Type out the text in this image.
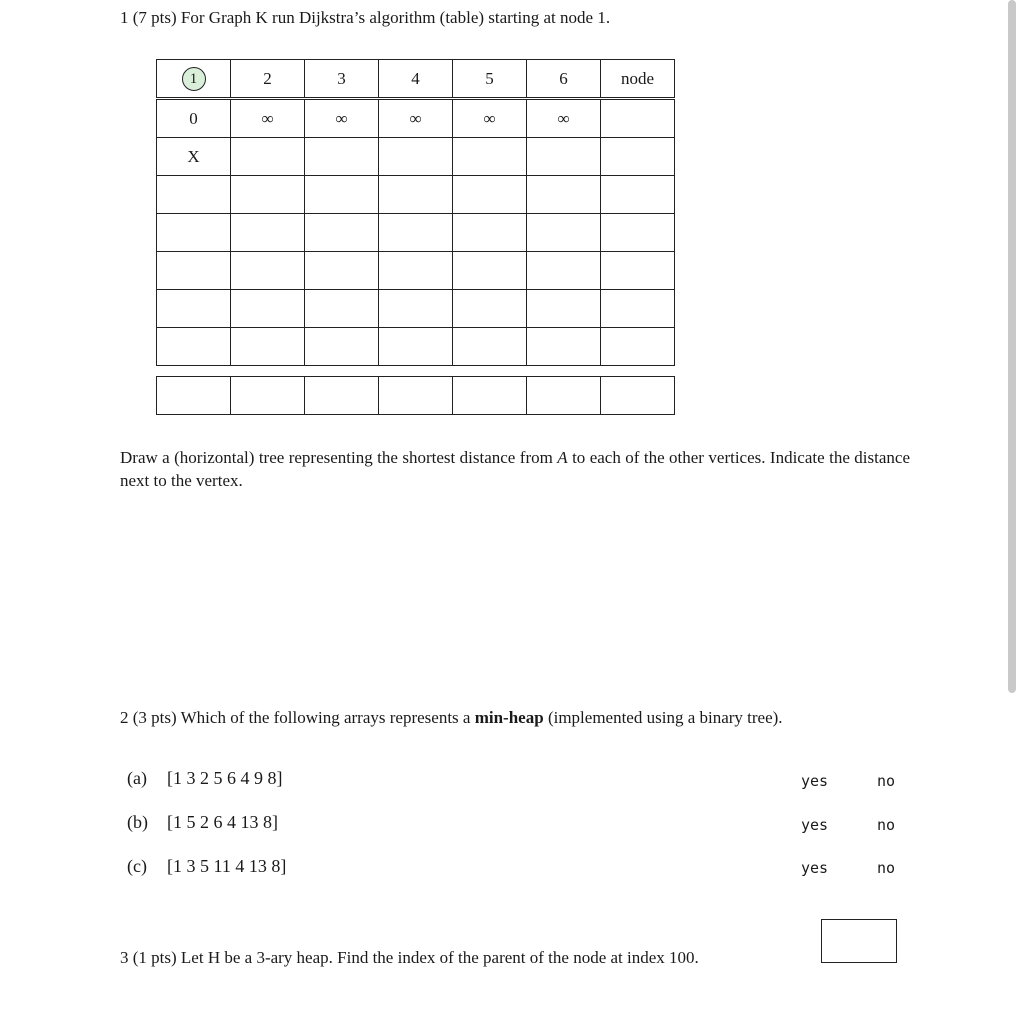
1 (7 pts) For Graph K run Dijkstra’s algorithm (table) starting at node 1.
1	2	3	4	5	6	node
0	∞	∞	∞	∞	∞	
X						

Draw a (horizontal) tree representing the shortest distance from A to each of the other vertices. Indicate the distance next to the vertex.
2 (3 pts) Which of the following arrays represents a min-heap (implemented using a binary tree).
(a) [1 3 2 5 6 4 9 8]	yes	no
(b) [1 5 2 6 4 13 8]	yes	no
(c) [1 3 5 11 4 13 8]	yes	no
3 (1 pts) Let H be a 3-ary heap. Find the index of the parent of the node at index 100.
